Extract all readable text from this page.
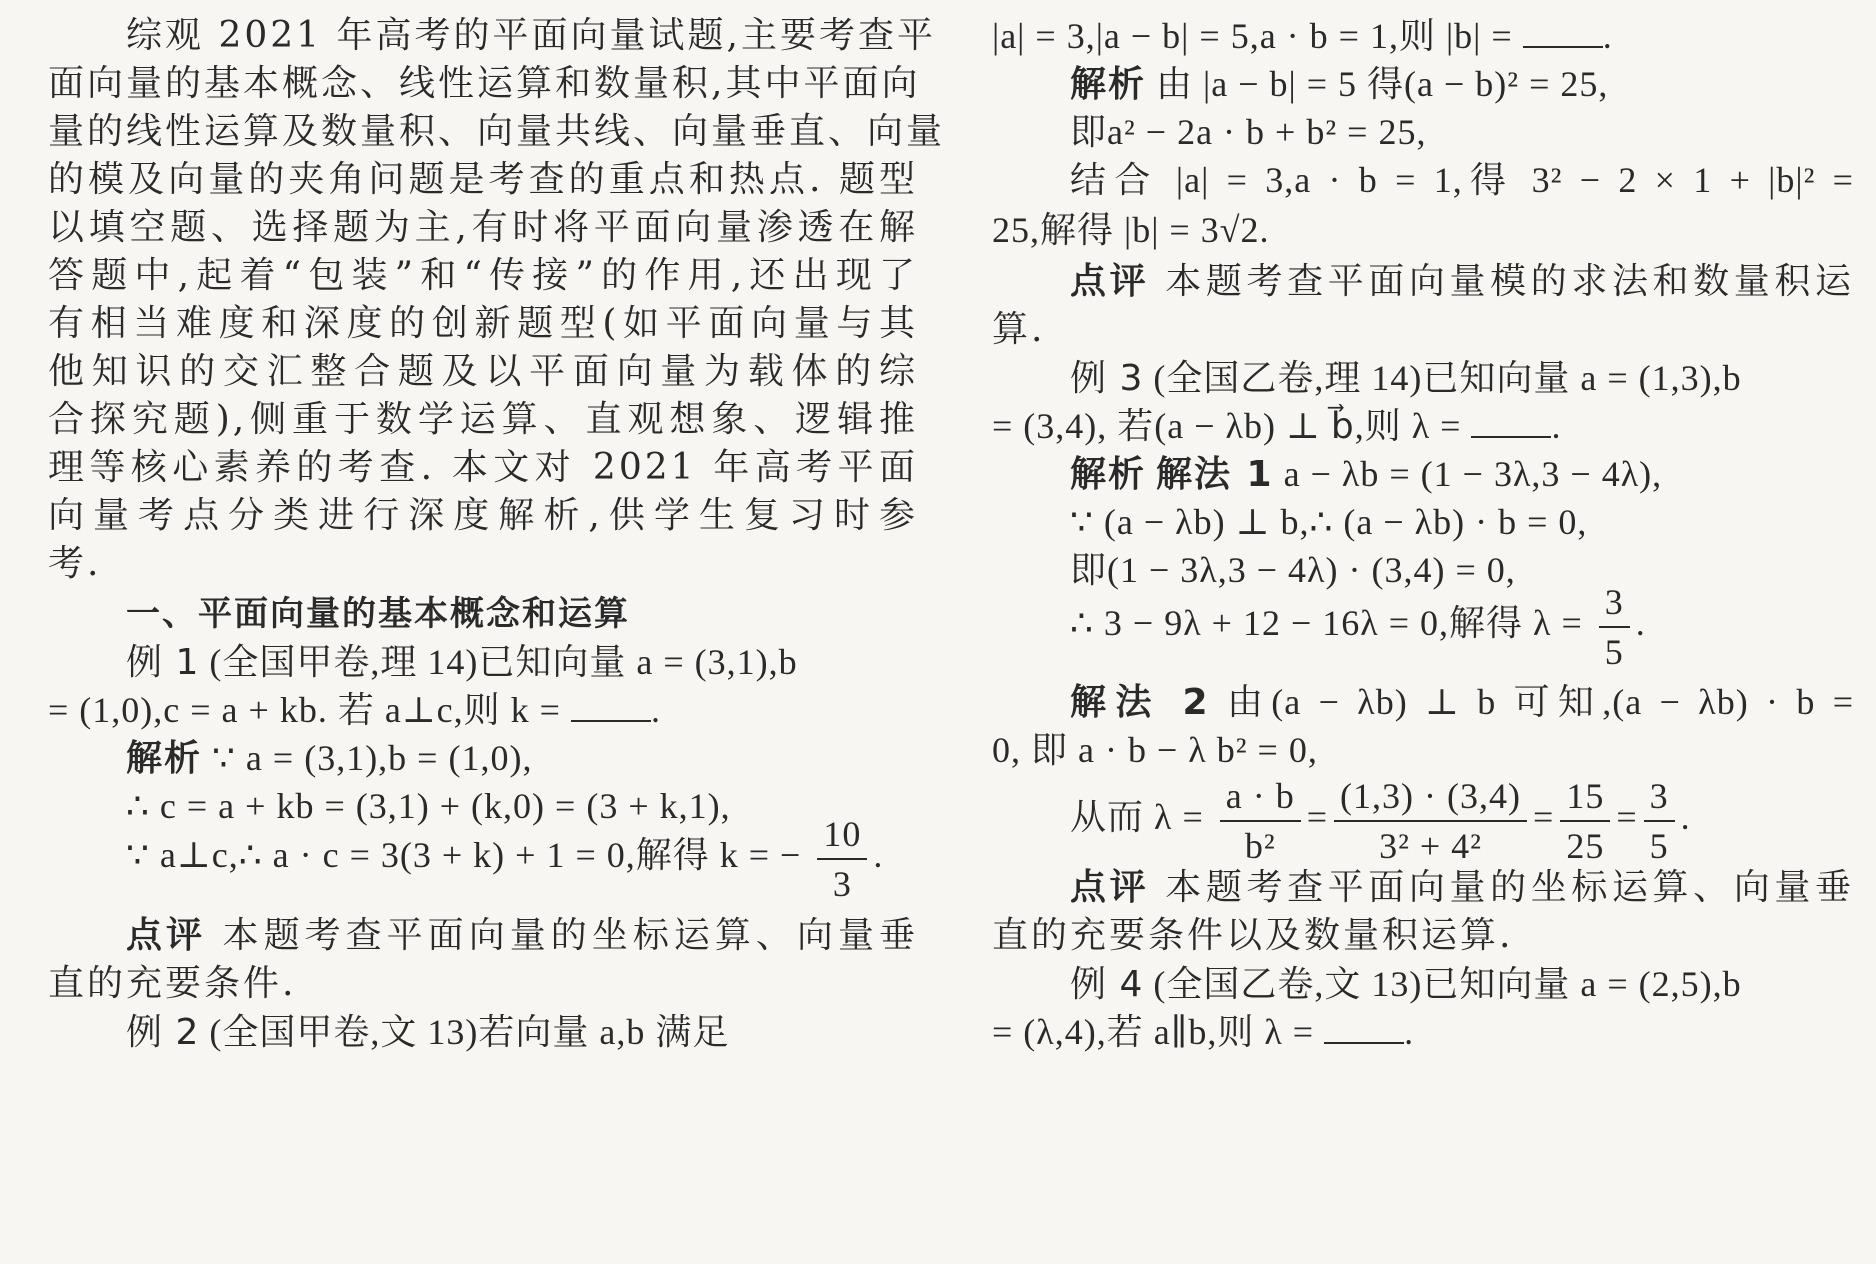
综观 2021 年高考的平面向量试题,主要考查平
面向量的基本概念、线性运算和数量积,其中平面向
量的线性运算及数量积、向量共线、向量垂直、向量
的模及向量的夹角问题是考查的重点和热点. 题型
以填空题、选择题为主,有时将平面向量渗透在解
答题中,起着“包装”和“传接”的作用,还出现了
有相当难度和深度的创新题型(如平面向量与其
他知识的交汇整合题及以平面向量为载体的综
合探究题),侧重于数学运算、直观想象、逻辑推
理等核心素养的考查. 本文对 2021 年高考平面
向量考点分类进行深度解析,供学生复习时参
考.
一、平面向量的基本概念和运算
例 1 (全国甲卷,理 14)已知向量 a = (3,1),b
= (1,0),c = a + kb. 若 a⊥c,则 k =	.
解析 ∵ a = (3,1),b = (1,0),
∴ c = a + kb = (3,1) + (k,0) = (3 + k,1),
∵ a⊥c,∴ a · c = 3(3 + k) + 1 = 0,解得 k = − $\frac{10}{3}$ .
点评 本题考查平面向量的坐标运算、向量垂
直的充要条件.
例 2 (全国甲卷,文 13)若向量 a,b 满足
|a| = 3,|a − b| = 5,a · b = 1,则 |b| =	.
解析 由 |a − b| = 5 得(a − b)² = 25,
即a² − 2a · b + b² = 25,
结合 |a| = 3,a · b = 1,得 3² − 2 × 1 + |b|² =
25,解得 |b| = 3√2.
点评 本题考查平面向量模的求法和数量积运
算.
例 3 (全国乙卷,理 14)已知向量 a = (1,3),b
= (3,4), 若(a − λb) ⊥ b⃗,则 λ =	.
解析 解法 1 a − λb = (1 − 3λ,3 − 4λ),
∵ (a − λb) ⊥ b,∴ (a − λb) · b = 0,
即(1 − 3λ,3 − 4λ) · (3,4) = 0,
∴ 3 − 9λ + 12 − 16λ = 0,解得 $\lambda = \frac{3}{5}$ .
解法 2 由(a − λb) ⊥ b 可知,(a − λb) · b =
0, 即 a · b − λ b² = 0,
从而 $\lambda = \frac{a \cdot b}{\text{b²}} = \frac{(1,3) \cdot (3,4)}{\text{3² + 4²}} = \frac{15}{25} = \frac{3}{5}$ .
点评 本题考查平面向量的坐标运算、向量垂
直的充要条件以及数量积运算.
例 4 (全国乙卷,文 13)已知向量 a = (2,5),b
= (λ,4),若 a∥b,则 λ =	.
